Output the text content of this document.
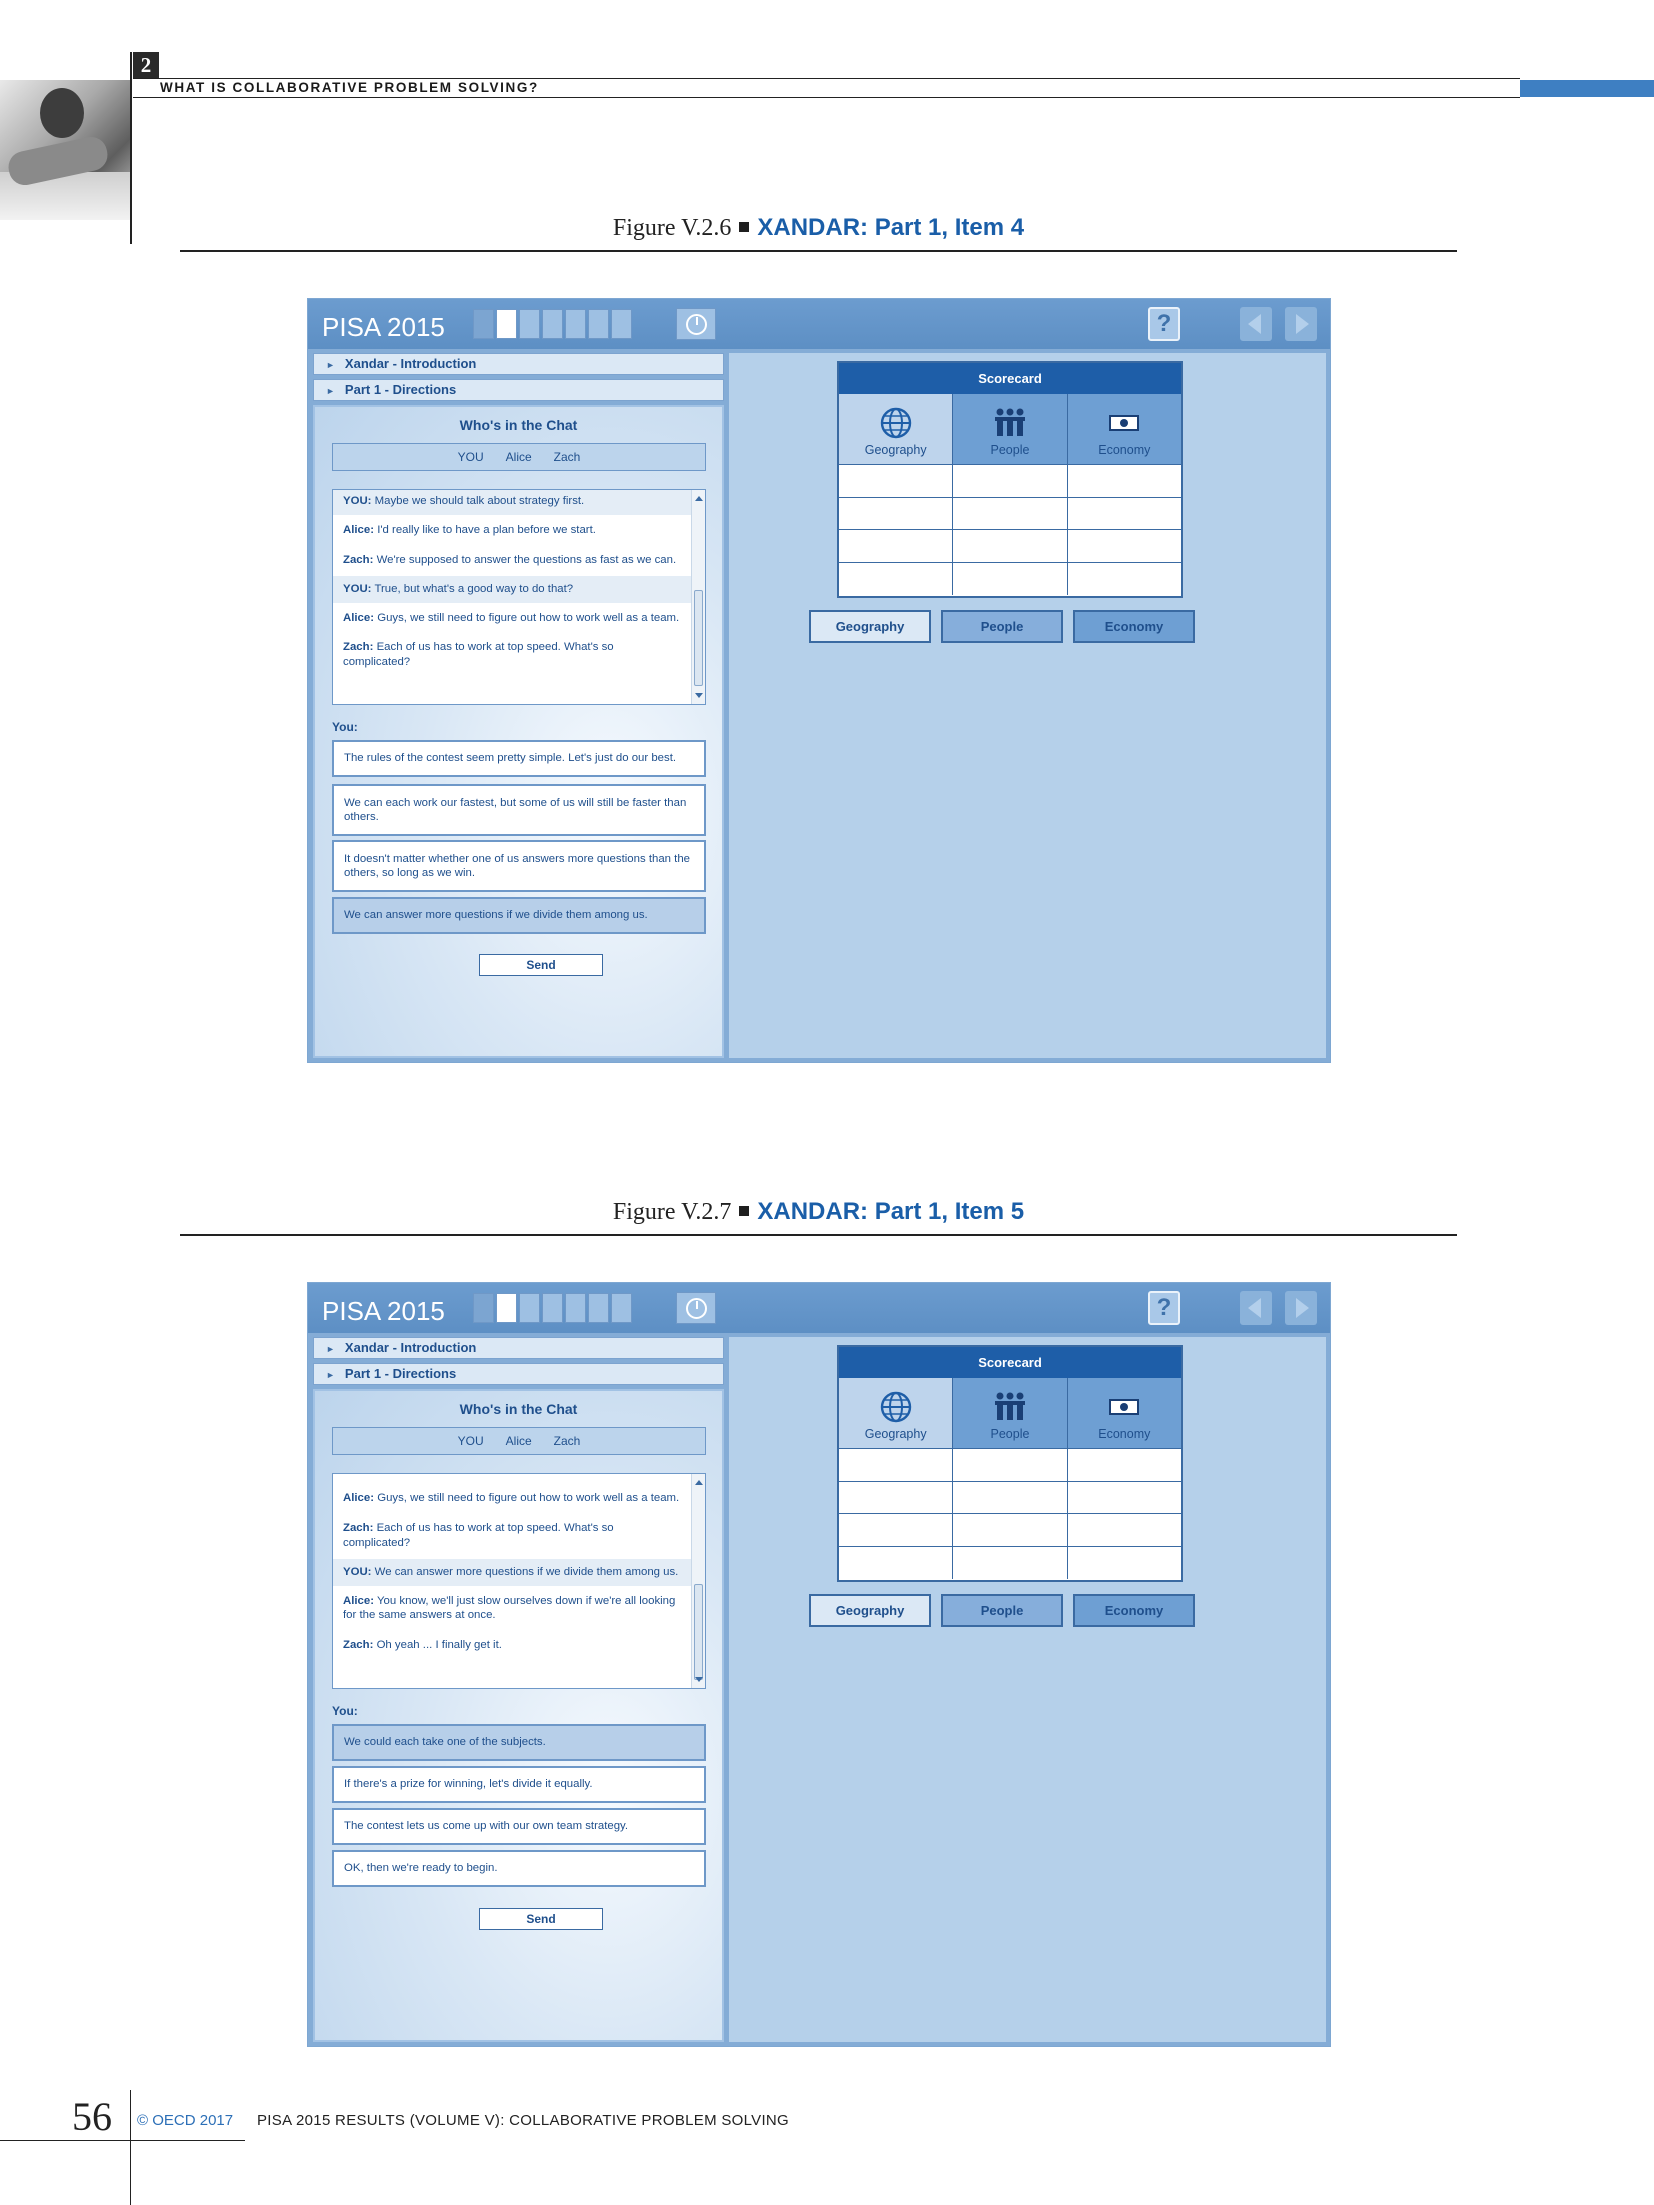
2
WHAT IS COLLABORATIVE PROBLEM SOLVING?
Figure V.2.6 XANDAR: Part 1, Item 4
PISA 2015	?
► Xandar - Introduction
► Part 1 - Directions
Who's in the Chat
YOU Alice Zach
YOU: Maybe we should talk about strategy first.
Alice: I'd really like to have a plan before we start.
Zach: We're supposed to answer the questions as fast as we can.
YOU: True, but what's a good way to do that?
Alice: Guys, we still need to figure out how to work well as a team.
Zach: Each of us has to work at top speed. What's so complicated?
You:
The rules of the contest seem pretty simple. Let's just do our best.
We can each work our fastest, but some of us will still be faster than others.
It doesn't matter whether one of us answers more questions than the others, so long as we win.
We can answer more questions if we divide them among us.
Send
Scorecard
Geography	People	Economy
Geography	People	Economy
Figure V.2.7 XANDAR: Part 1, Item 5
PISA 2015	?
► Xandar - Introduction
► Part 1 - Directions
Who's in the Chat
YOU Alice Zach
Alice: Guys, we still need to figure out how to work well as a team.
Zach: Each of us has to work at top speed. What's so complicated?
YOU: We can answer more questions if we divide them among us.
Alice: You know, we'll just slow ourselves down if we're all looking for the same answers at once.
Zach: Oh yeah ... I finally get it.
You:
We could each take one of the subjects.
If there's a prize for winning, let's divide it equally.
The contest lets us come up with our own team strategy.
OK, then we're ready to begin.
Send
Scorecard
Geography	People	Economy
Geography	People	Economy
56 © OECD 2017 PISA 2015 RESULTS (VOLUME V): COLLABORATIVE PROBLEM SOLVING
